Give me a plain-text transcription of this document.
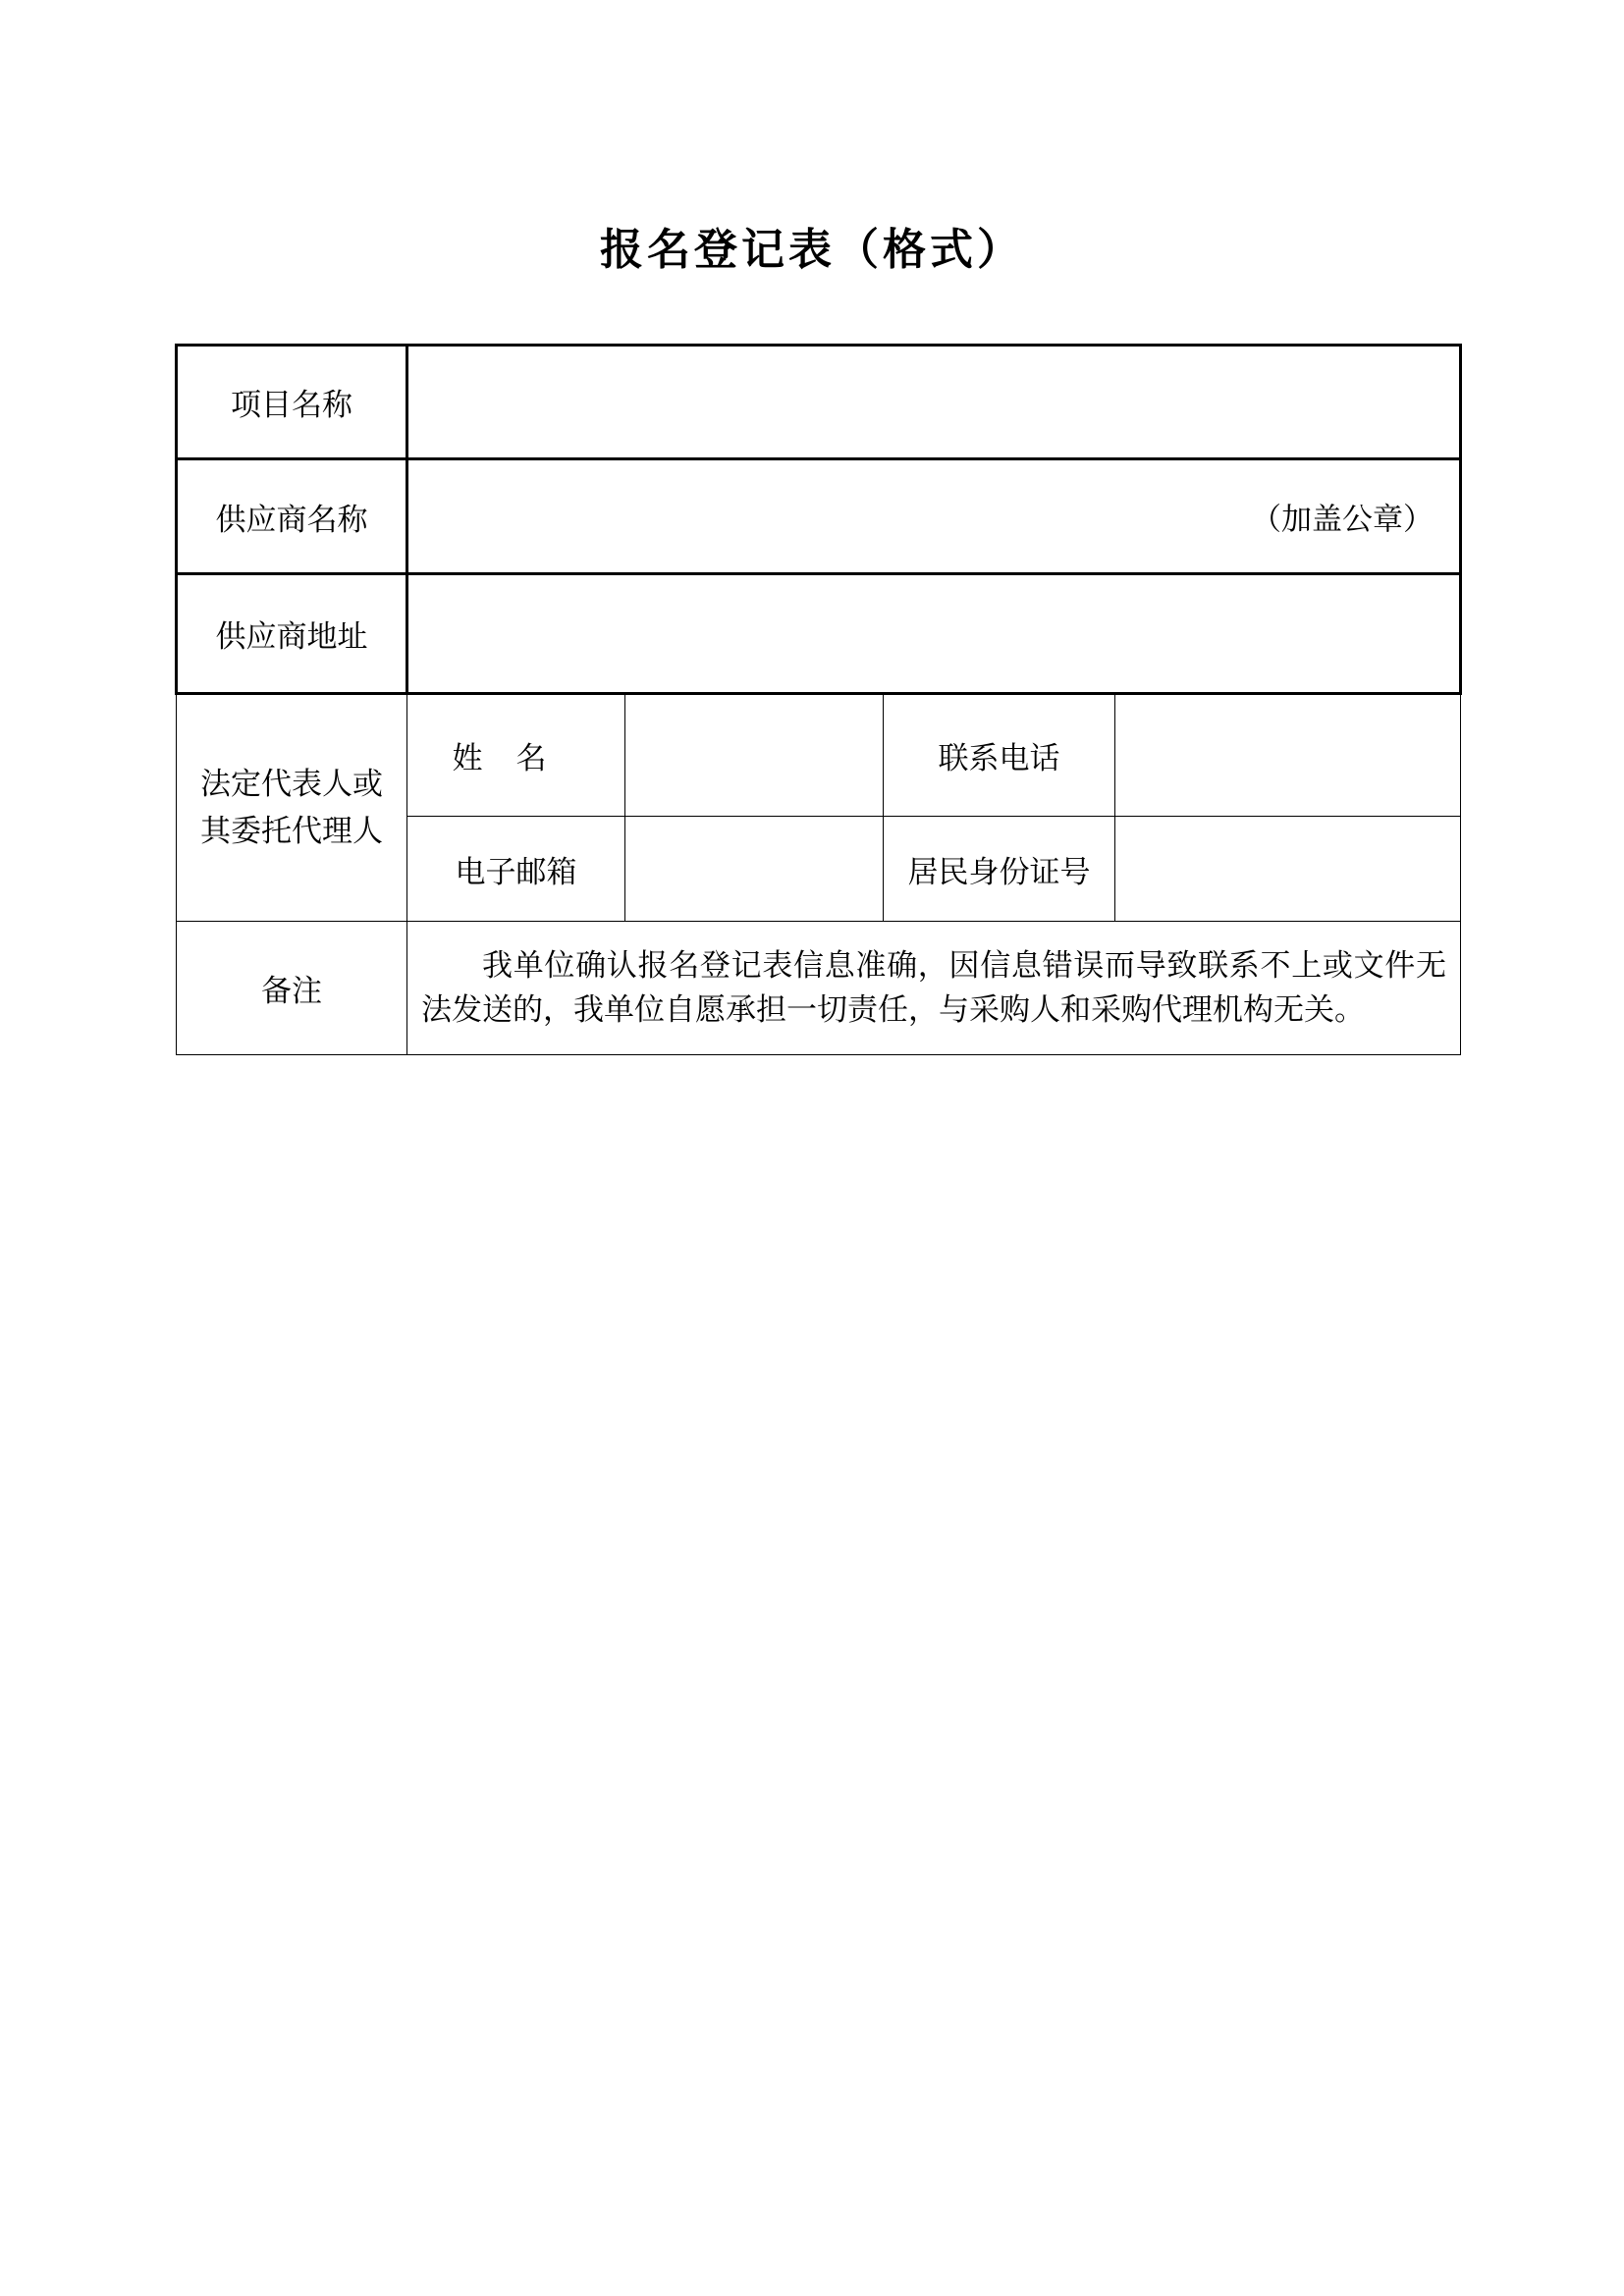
报名登记表（格式）
项目名称				
供应商名称	（加盖公章）			

供应商地址				

法定代表人或
其委托代理人	姓名		联系电话	
	电子邮箱		居民身份证号	
备注	我单位确认报名登记表信息准确，因信息错误而导致联系不上或文件无法发送的，我单位自愿承担一切责任，与采购人和采购代理机构无关。			
